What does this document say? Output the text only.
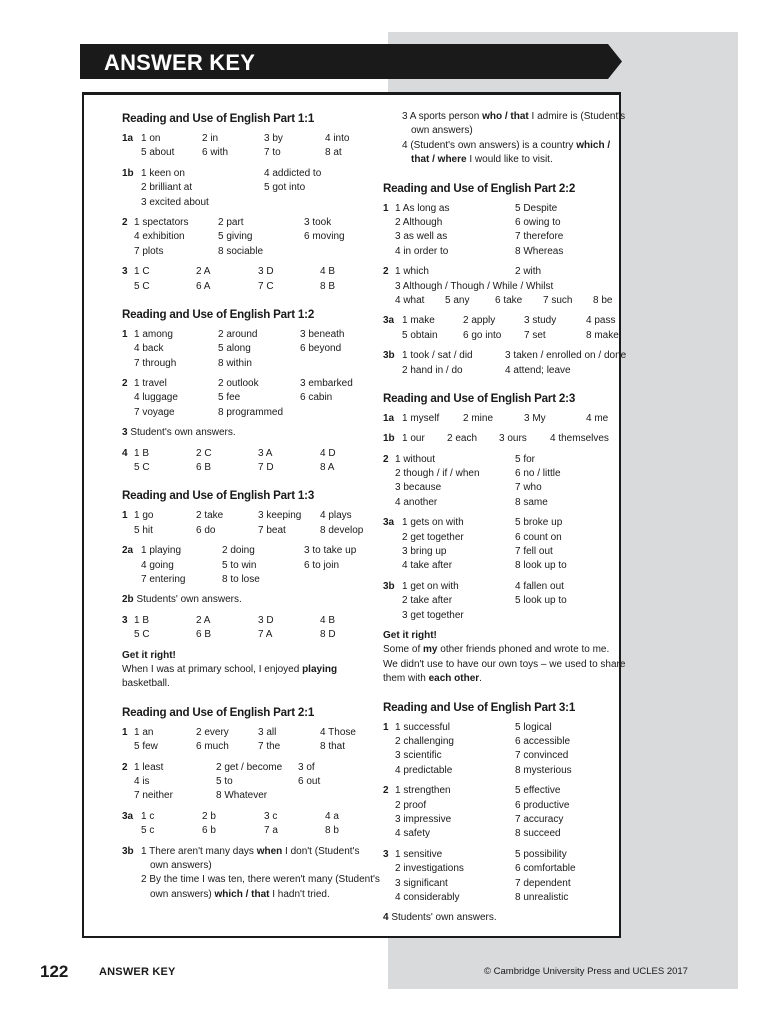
ANSWER KEY
Reading and Use of English Part 1:1
1a 1 on	2 in	3 by	4 into
5 about	6 with	7 to	8 at
1b 1 keen on	4 addicted to
2 brilliant at	5 got into
3 excited about
2 1 spectators	2 part	3 took
4 exhibition	5 giving	6 moving
7 plots	8 sociable
3 1 C	2 A	3 D	4 B
5 C	6 A	7 C	8 B
Reading and Use of English Part 1:2
1 1 among	2 around	3 beneath
4 back	5 along	6 beyond
7 through	8 within
2 1 travel	2 outlook	3 embarked
4 luggage	5 fee	6 cabin
7 voyage	8 programmed
3 Student's own answers.
4 1 B	2 C	3 A	4 D
5 C	6 B	7 D	8 A
Reading and Use of English Part 1:3
1 1 go	2 take	3 keeping 4 plays
5 hit	6 do	7 beat	8 develop
2a 1 playing	2 doing	3 to take up
4 going	5 to win	6 to join
7 entering	8 to lose
2b Students' own answers.
3 1 B	2 A	3 D	4 B
5 C	6 B	7 A	8 D
Get it right!
When I was at primary school, I enjoyed playing
basketball.
Reading and Use of English Part 2:1
1 1 an	2 every	3 all	4 Those
5 few	6 much	7 the	8 that
2 1 least	2 get / become 3 of
4 is	5 to	6 out
7 neither	8 Whatever
3a 1 c	2 b	3 c	4 a
5 c	6 b	7 a	8 b
3b 1 There aren't many days when I don't (Student's
own answers)
2 By the time I was ten, there weren't many (Student's
own answers) which / that I hadn't tried.
3 A sports person who / that I admire is (Student's
own answers)
4 (Student's own answers) is a country which /
that / where I would like to visit.
Reading and Use of English Part 2:2
1 1 As long as	5 Despite
2 Although	6 owing to
3 as well as	7 therefore
4 in order to	8 Whereas
2 1 which	2 with
3 Although / Though / While / Whilst
4 what 5 any	6 take 7 such 8 be
3a 1 make	2 apply	3 study	4 pass
5 obtain	6 go into 7 set	8 make
3b 1 took / sat / did	3 taken / enrolled on / done
2 hand in / do	4 attend; leave
Reading and Use of English Part 2:3
1a 1 myself 2 mine	3 My	4 me
1b 1 our 2 each 3 ours 4 themselves
2 1 without	5 for
2 though / if / when	6 no / little
3 because	7 who
4 another	8 same
3a 1 gets on with	5 broke up
2 get together	6 count on
3 bring up	7 fell out
4 take after	8 look up to
3b 1 get on with	4 fallen out
2 take after	5 look up to
3 get together
Get it right!
Some of my other friends phoned and wrote to me.
We didn't use to have our own toys – we used to share
them with each other.
Reading and Use of English Part 3:1
1 1 successful	5 logical
2 challenging	6 accessible
3 scientific	7 convinced
4 predictable	8 mysterious
2 1 strengthen	5 effective
2 proof	6 productive
3 impressive	7 accuracy
4 safety	8 succeed
3 1 sensitive	5 possibility
2 investigations	6 comfortable
3 significant	7 dependent
4 considerably	8 unrealistic
4 Students' own answers.
122	ANSWER KEY	© Cambridge University Press and UCLES 2017
